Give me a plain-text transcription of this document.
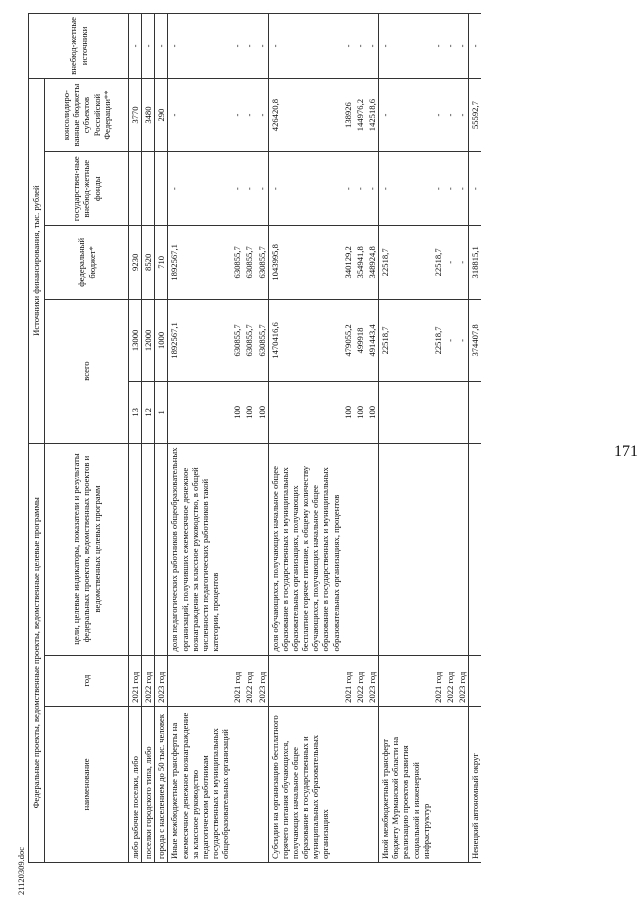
171
21120309.doc
Федеральные проекты, ведомственные проекты, ведомственные целевые программы			Источники финансирования, тыс. рублей					внебюд-жетные источники
наименование	год	цели, целевые индикаторы, показатели и результаты федеральных проектов, ведомственных проектов и ведомственных целевых программ	всего		федеральный бюджет*	государствен-ные внебюд-жетные фонды	консолидиро-ванные бюджеты субъектов Российской Федерации**	
либо рабочие поселки, либо	2021 год		13	13000	9230		3770	-
поселки городского типа, либо	2022 год		12	12000	8520		3480	-
города с населением до 50 тыс. человек	2023 год		1	1000	710		290	-
Иные межбюджетные трансферты на ежемесячное денежное вознаграждение за классное руководство педагогическим работникам государственных и муниципальных общеобразовательных организаций		доля педагогических работников общеобразовательных организаций, получивших ежемесячное денежное вознаграждение за классное руководство, в общей численности педагогических работников такой категории, процентов		1892567,1	1892567,1	-	-	-
	2021 год		100	630855,7	630855,7	-	-	-
	2022 год		100	630855,7	630855,7	-	-	-
	2023 год		100	630855,7	630855,7	-	-	-
Субсидии на организацию бесплатного горячего питания обучающихся, получающих начальное общее образование в государственных и муниципальных образовательных организациях		доля обучающихся, получающих начальное общее образование в государственных и муниципальных образовательных организациях, получающих бесплатное горячее питание, к общему количеству обучающихся, получающих начальное общее образование в государственных и муниципальных образовательных организациях, процентов		1470416,6	1043995,8	-	426420,8	-
	2021 год		100	479055,2	340129,2	-	138926	-
	2022 год		100	499918	354941,8	-	144976,2	-
	2023 год		100	491443,4	348924,8	-	142518,6	-
Иной межбюджетный трансферт бюджету Мурманской области на реализацию проектов развития социальной и инженерной инфраструктур				22518,7	22518,7	-	-	-
	2021 год			22518,7	22518,7	-	-	-
	2022 год			-	-	-	-	-
	2023 год			-	-	-	-	-
Ненецкий автономный округ				374407,8	318815,1	-	55592,7	-
